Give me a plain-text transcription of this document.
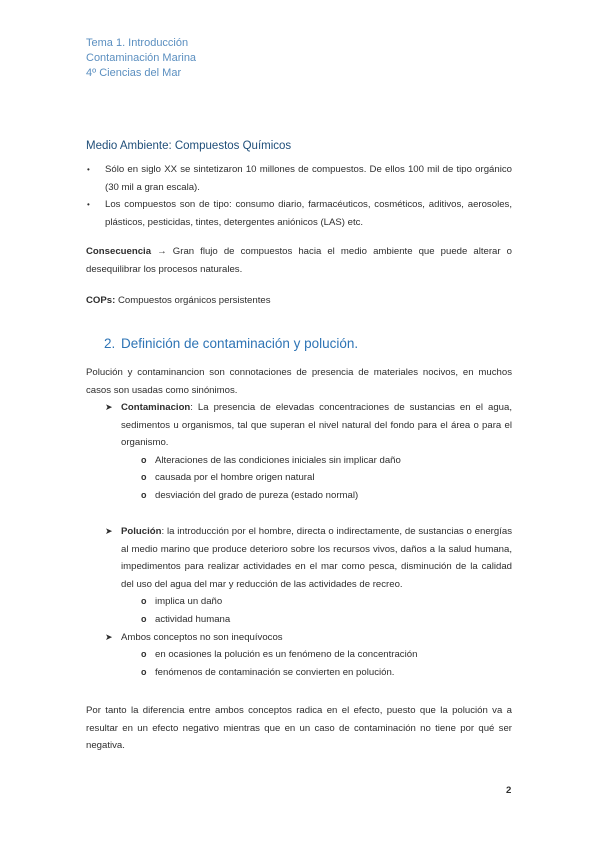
Tema 1. Introducción
Contaminación Marina
4º Ciencias del Mar
Medio Ambiente: Compuestos Químicos
• Sólo en siglo XX se sintetizaron 10 millones de compuestos. De ellos 100 mil de tipo orgánico (30 mil a gran escala).
• Los compuestos son de tipo: consumo diario, farmacéuticos, cosméticos, aditivos, aerosoles, plásticos, pesticidas, tintes, detergentes aniónicos (LAS) etc.
Consecuencia → Gran flujo de compuestos hacia el medio ambiente que puede alterar o desequilibrar los procesos naturales.
COPs: Compuestos orgánicos persistentes
2. Definición de contaminación y polución.
Polución y contaminancion son connotaciones de presencia de materiales nocivos, en muchos casos son usadas como sinónimos.
➤ Contaminacion: La presencia de elevadas concentraciones de sustancias en el agua, sedimentos u organismos, tal que superan el nivel natural del fondo para el área o para el organismo.
o Alteraciones de las condiciones iniciales sin implicar daño
o causada por el hombre origen natural
o desviación del grado de pureza (estado normal)
➤ Polución: la introducción por el hombre, directa o indirectamente, de sustancias o energías al medio marino que produce deterioro sobre los recursos vivos, daños a la salud humana, impedimentos para realizar actividades en el mar como pesca, disminución de la calidad del uso del agua del mar y reducción de las actividades de recreo.
o implica un daño
o actividad humana
➤ Ambos conceptos no son inequívocos
o en ocasiones la polución es un fenómeno de la concentración
o fenómenos de contaminación se convierten en polución.
Por tanto la diferencia entre ambos conceptos radica en el efecto, puesto que la polución va a resultar en un efecto negativo mientras que en un caso de contaminación no tiene por qué ser negativa.
2
